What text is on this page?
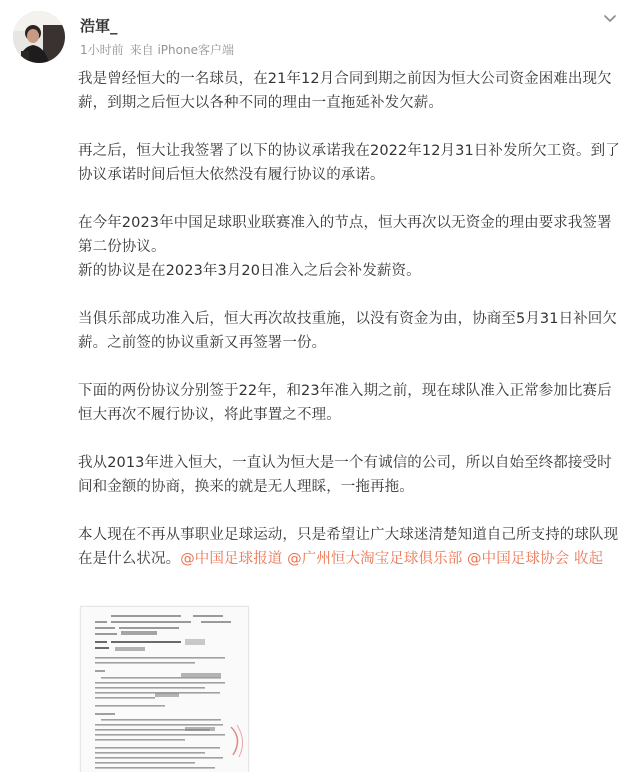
浩軍_
1小时前 来自 iPhone客户端

我是曾经恒大的一名球员，在21年12月合同到期之前因为恒大公司资金困难出现欠薪，到期之后恒大以各种不同的理由一直拖延补发欠薪。

再之后，恒大让我签署了以下的协议承诺我在2022年12月31日补发所欠工资。到了协议承诺时间后恒大依然没有履行协议的承诺。

在今年2023年中国足球职业联赛准入的节点，恒大再次以无资金的理由要求我签署第二份协议。

新的协议是在2023年3月20日准入之后会补发薪资。

当俱乐部成功准入后，恒大再次故技重施，以没有资金为由，协商至5月31日补回欠薪。之前签的协议重新又再签署一份。

下面的两份协议分别签于22年，和23年准入期之前，现在球队准入正常参加比赛后恒大再次不履行协议，将此事置之不理。

我从2013年进入恒大，一直认为恒大是一个有诚信的公司，所以自始至终都接受时间和金额的协商，换来的就是无人理睬，一拖再拖。

本人现在不再从事职业足球运动，只是希望让广大球迷清楚知道自己所支持的球队现在是什么状况。@中国足球报道 @广州恒大淘宝足球俱乐部 @中国足球协会 收起
